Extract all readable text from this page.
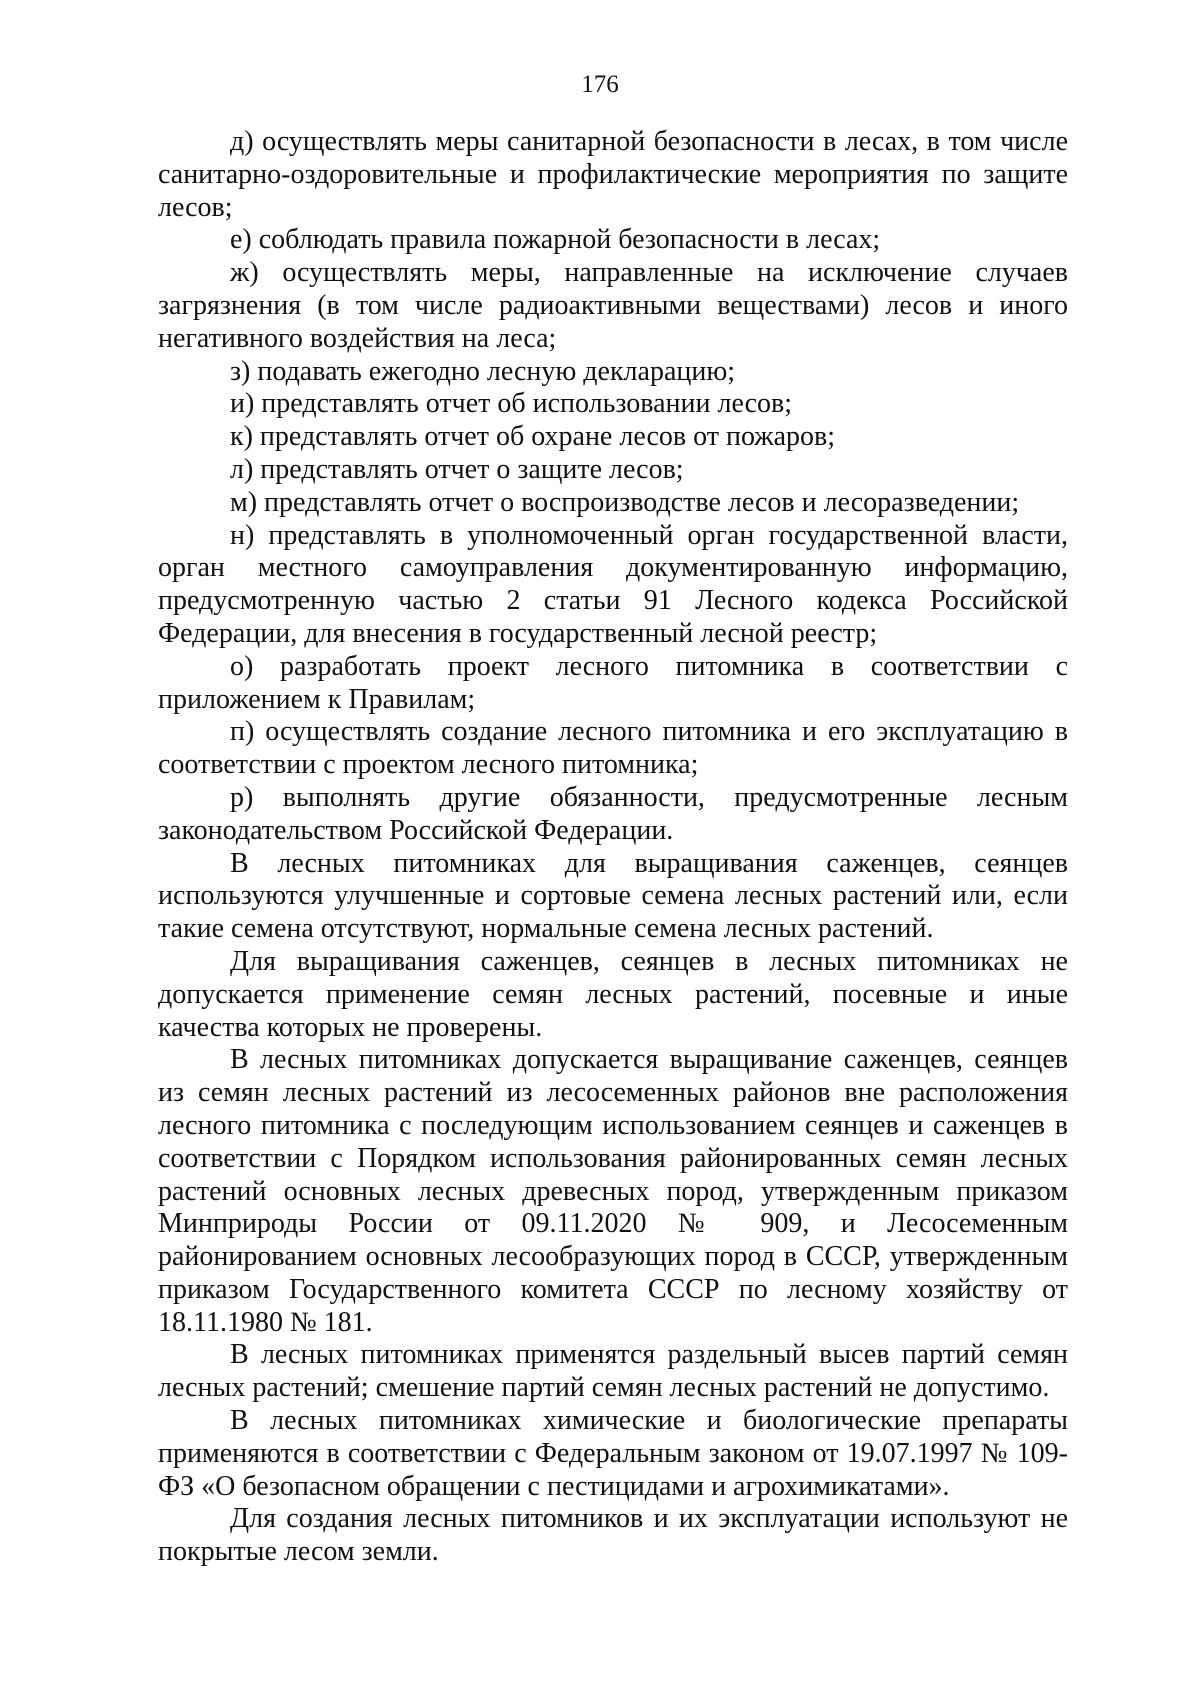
176

д) осуществлять меры санитарной безопасности в лесах, в том числе санитарно-оздоровительные и профилактические мероприятия по защите лесов;

е) соблюдать правила пожарной безопасности в лесах;

ж) осуществлять меры, направленные на исключение случаев загрязнения (в том числе радиоактивными веществами) лесов и иного негативного воздействия на леса;

з) подавать ежегодно лесную декларацию;

и) представлять отчет об использовании лесов;

к) представлять отчет об охране лесов от пожаров;

л) представлять отчет о защите лесов;

м) представлять отчет о воспроизводстве лесов и лесоразведении;

н) представлять в уполномоченный орган государственной власти, орган местного самоуправления документированную информацию, предусмотренную частью 2 статьи 91 Лесного кодекса Российской Федерации, для внесения в государственный лесной реестр;

о) разработать проект лесного питомника в соответствии с приложением к Правилам;

п) осуществлять создание лесного питомника и его эксплуатацию в соответствии с проектом лесного питомника;

р) выполнять другие обязанности, предусмотренные лесным законодательством Российской Федерации.

В лесных питомниках для выращивания саженцев, сеянцев используются улучшенные и сортовые семена лесных растений или, если такие семена отсутствуют, нормальные семена лесных растений.

Для выращивания саженцев, сеянцев в лесных питомниках не допускается применение семян лесных растений, посевные и иные качества которых не проверены.

В лесных питомниках допускается выращивание саженцев, сеянцев из семян лесных растений из лесосеменных районов вне расположения лесного питомника с последующим использованием сеянцев и саженцев в соответствии с Порядком использования районированных семян лесных растений основных лесных древесных пород, утвержденным приказом Минприроды России от 09.11.2020 № 909, и Лесосеменным районированием основных лесообразующих пород в СССР, утвержденным приказом Государственного комитета СССР по лесному хозяйству от 18.11.1980 № 181.

В лесных питомниках применятся раздельный высев партий семян лесных растений; смешение партий семян лесных растений не допустимо.

В лесных питомниках химические и биологические препараты применяются в соответствии с Федеральным законом от 19.07.1997 № 109-ФЗ «О безопасном обращении с пестицидами и агрохимикатами».

Для создания лесных питомников и их эксплуатации используют не покрытые лесом земли.
